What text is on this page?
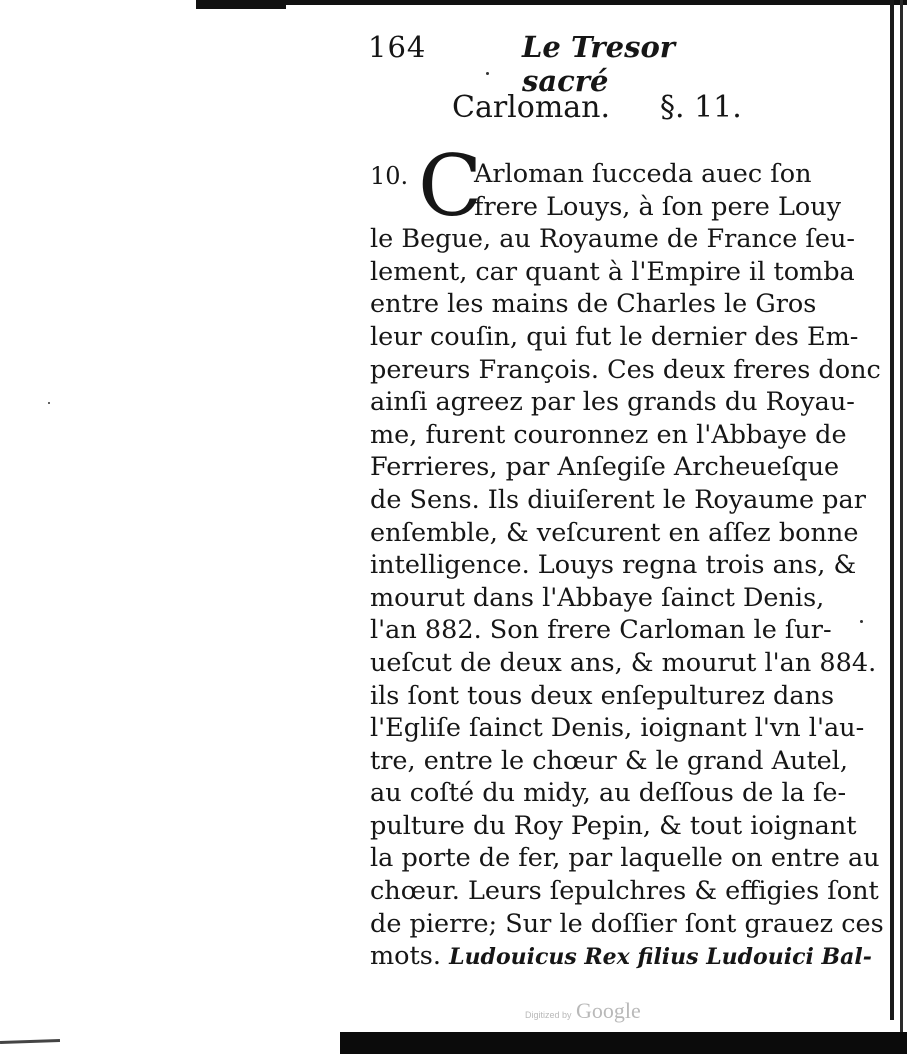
164	Le Tresor sacré
Carloman. §. 11.
10. C
Arloman ſucceda auec ſon
frere Louys, à ſon pere Louy
le Begue, au Royaume de France ſeu-
lement, car quant à l'Empire il tomba
entre les mains de Charles le Gros
leur couſin, qui fut le dernier des Em-
pereurs François. Ces deux freres donc
ainſi agreez par les grands du Royau-
me, furent couronnez en l'Abbaye de
Ferrieres, par Anſegiſe Archeueſque
de Sens. Ils diuiſerent le Royaume par
enſemble, & veſcurent en aſſez bonne
intelligence. Louys regna trois ans, &
mourut dans l'Abbaye ſainct Denis,
l'an 882. Son frere Carloman le ſur-
ueſcut de deux ans, & mourut l'an 884.
ils ſont tous deux enſepulturez dans
l'Egliſe ſainct Denis, ioignant l'vn l'au-
tre, entre le chœur & le grand Autel,
au coſté du midy, au deſſous de la ſe-
pulture du Roy Pepin, & tout ioignant
la porte de fer, par laquelle on entre au
chœur. Leurs ſepulchres & effigies ſont
de pierre; Sur le doſſier ſont grauez ces
mots. Ludouicus Rex filius Ludouici Bal-
Digitized by Google
